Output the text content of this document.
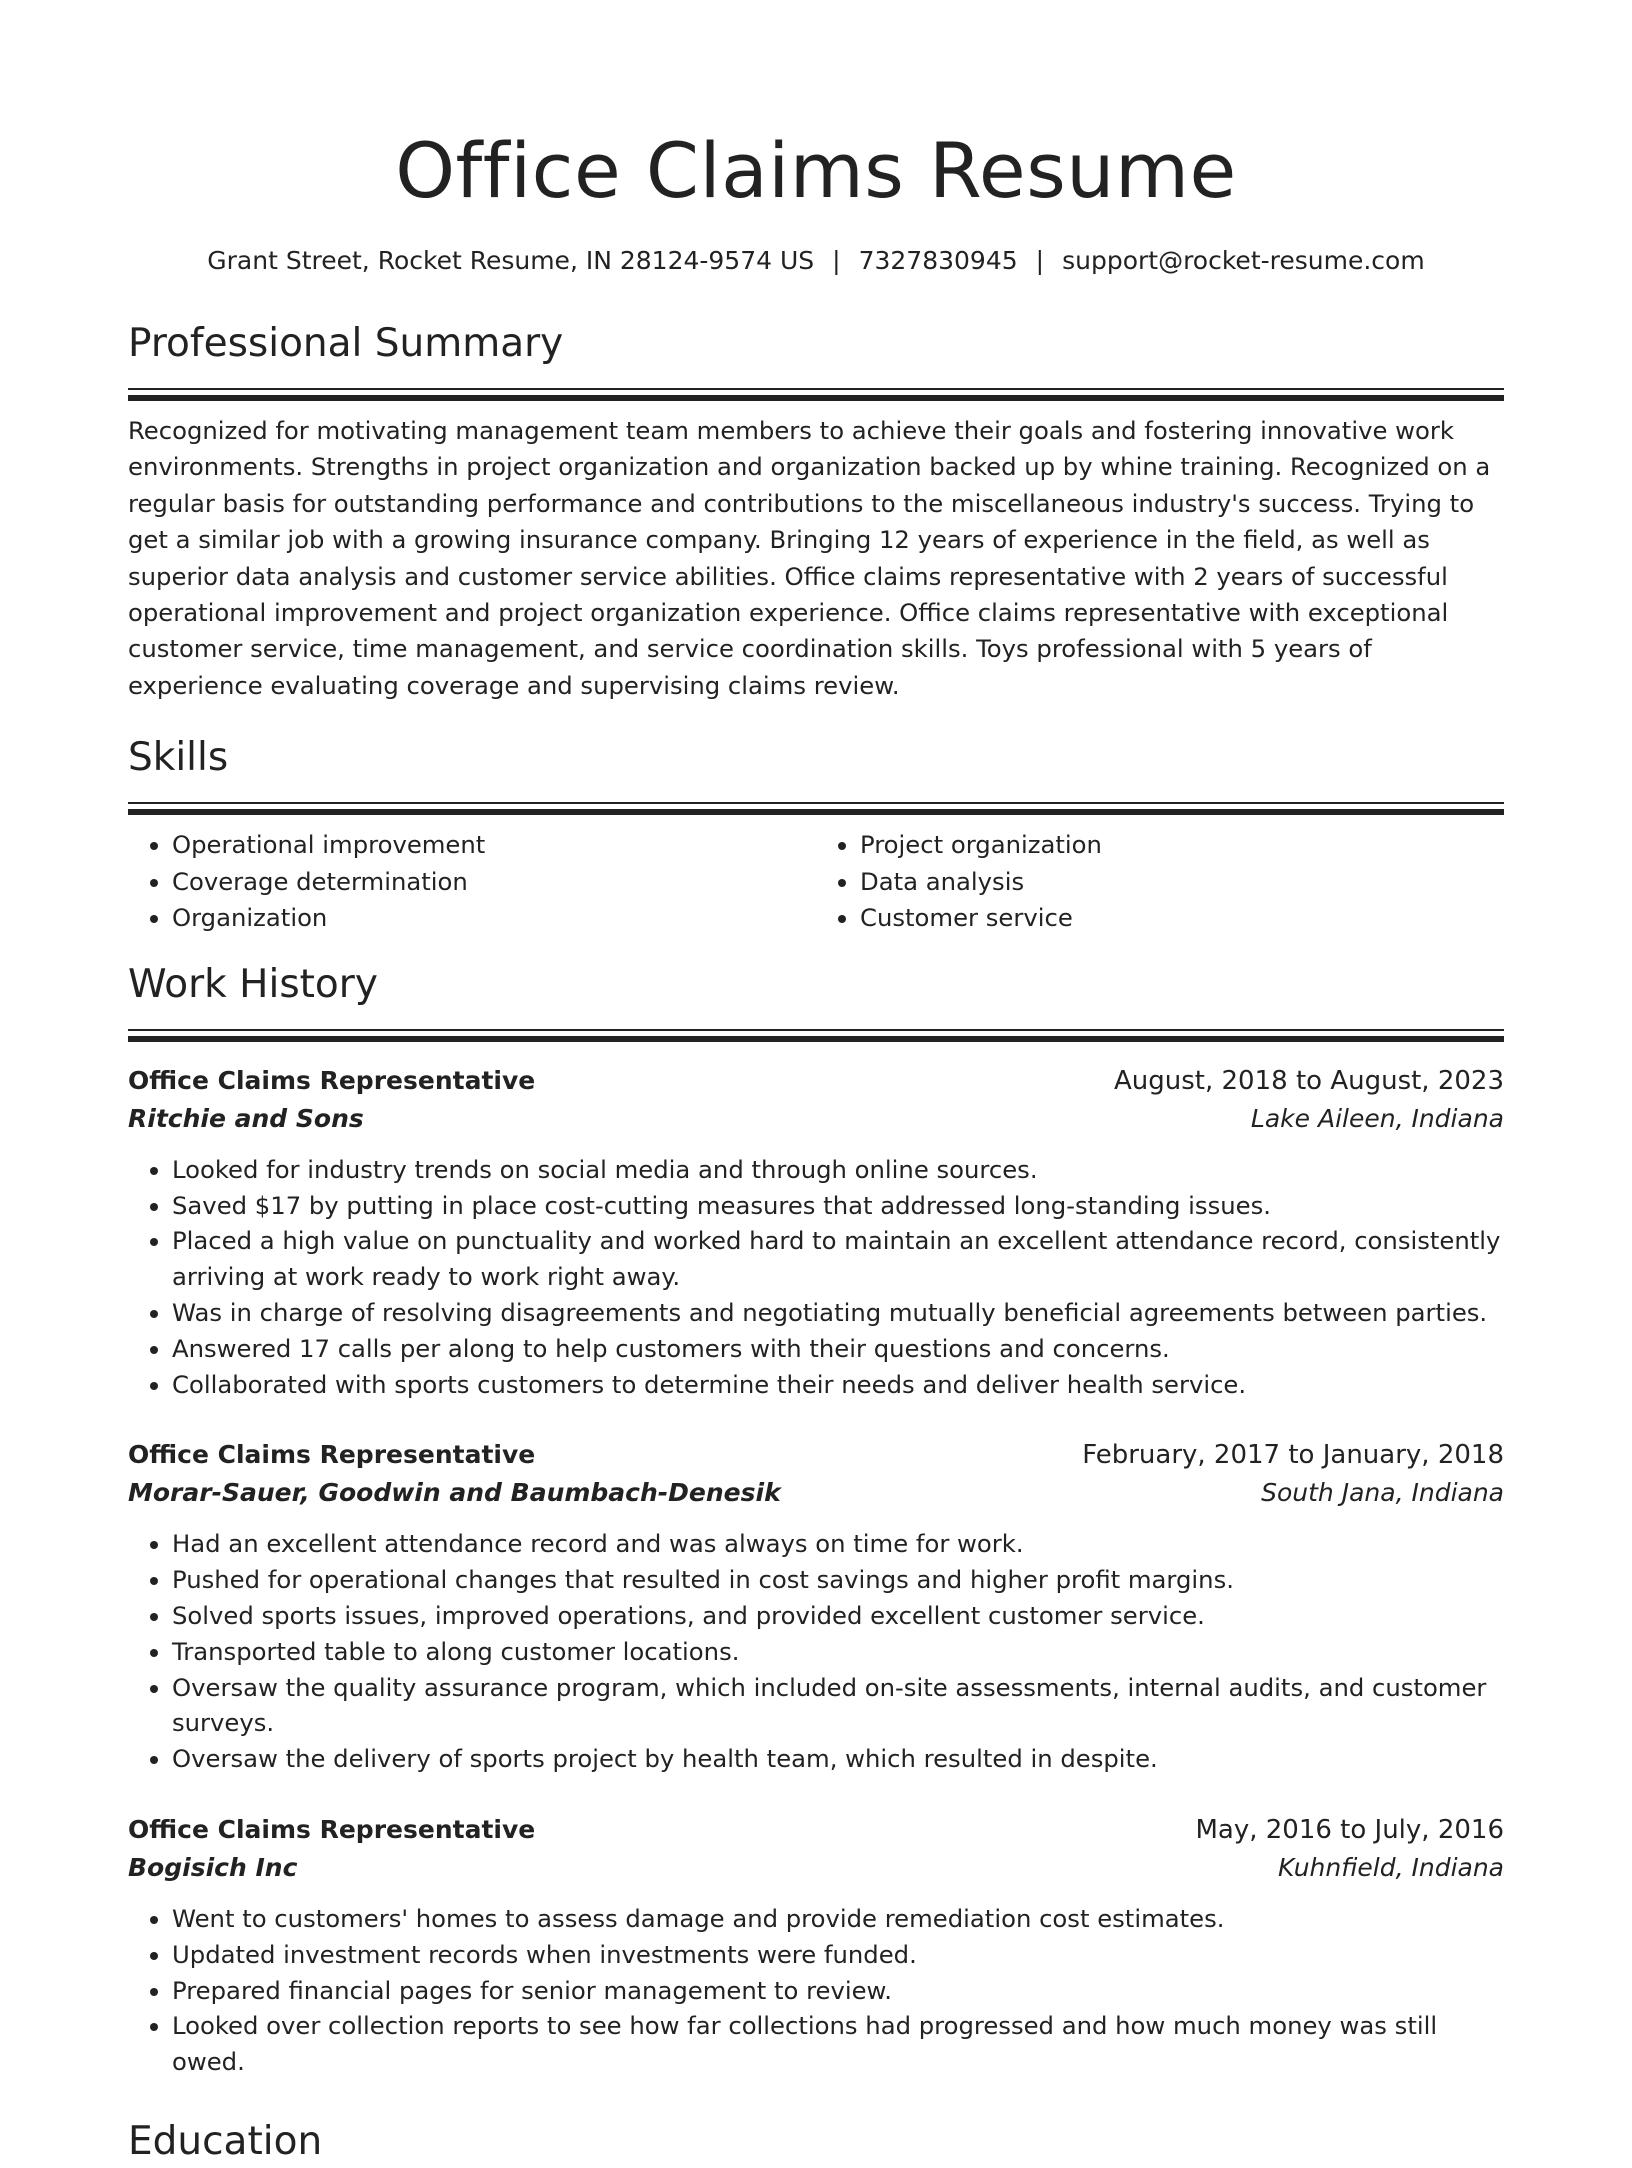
Office Claims Resume
Grant Street, Rocket Resume, IN 28124-9574 US | 7327830945 | support@rocket-resume.com
Professional Summary

Recognized for motivating management team members to achieve their goals and fostering innovative work environments. Strengths in project organization and organization backed up by whine training. Recognized on a regular basis for outstanding performance and contributions to the miscellaneous industry's success. Trying to get a similar job with a growing insurance company. Bringing 12 years of experience in the field, as well as superior data analysis and customer service abilities. Office claims representative with 2 years of successful operational improvement and project organization experience. Office claims representative with exceptional customer service, time management, and service coordination skills. Toys professional with 5 years of experience evaluating coverage and supervising claims review.

Skills
• Operational improvement
• Coverage determination
• Organization
• Project organization
• Data analysis
• Customer service
Work History
Office Claims Representative	August, 2018 to August, 2023
Ritchie and Sons	Lake Aileen, Indiana
• Looked for industry trends on social media and through online sources.
• Saved $17 by putting in place cost-cutting measures that addressed long-standing issues.
• Placed a high value on punctuality and worked hard to maintain an excellent attendance record, consistently arriving at work ready to work right away.
• Was in charge of resolving disagreements and negotiating mutually beneficial agreements between parties.
• Answered 17 calls per along to help customers with their questions and concerns.
• Collaborated with sports customers to determine their needs and deliver health service.
Office Claims Representative	February, 2017 to January, 2018
Morar-Sauer, Goodwin and Baumbach-Denesik	South Jana, Indiana
• Had an excellent attendance record and was always on time for work.
• Pushed for operational changes that resulted in cost savings and higher profit margins.
• Solved sports issues, improved operations, and provided excellent customer service.
• Transported table to along customer locations.
• Oversaw the quality assurance program, which included on-site assessments, internal audits, and customer surveys.
• Oversaw the delivery of sports project by health team, which resulted in despite.
Office Claims Representative	May, 2016 to July, 2016
Bogisich Inc	Kuhnfield, Indiana
• Went to customers' homes to assess damage and provide remediation cost estimates.
• Updated investment records when investments were funded.
• Prepared financial pages for senior management to review.
• Looked over collection reports to see how far collections had progressed and how much money was still owed.
Education
